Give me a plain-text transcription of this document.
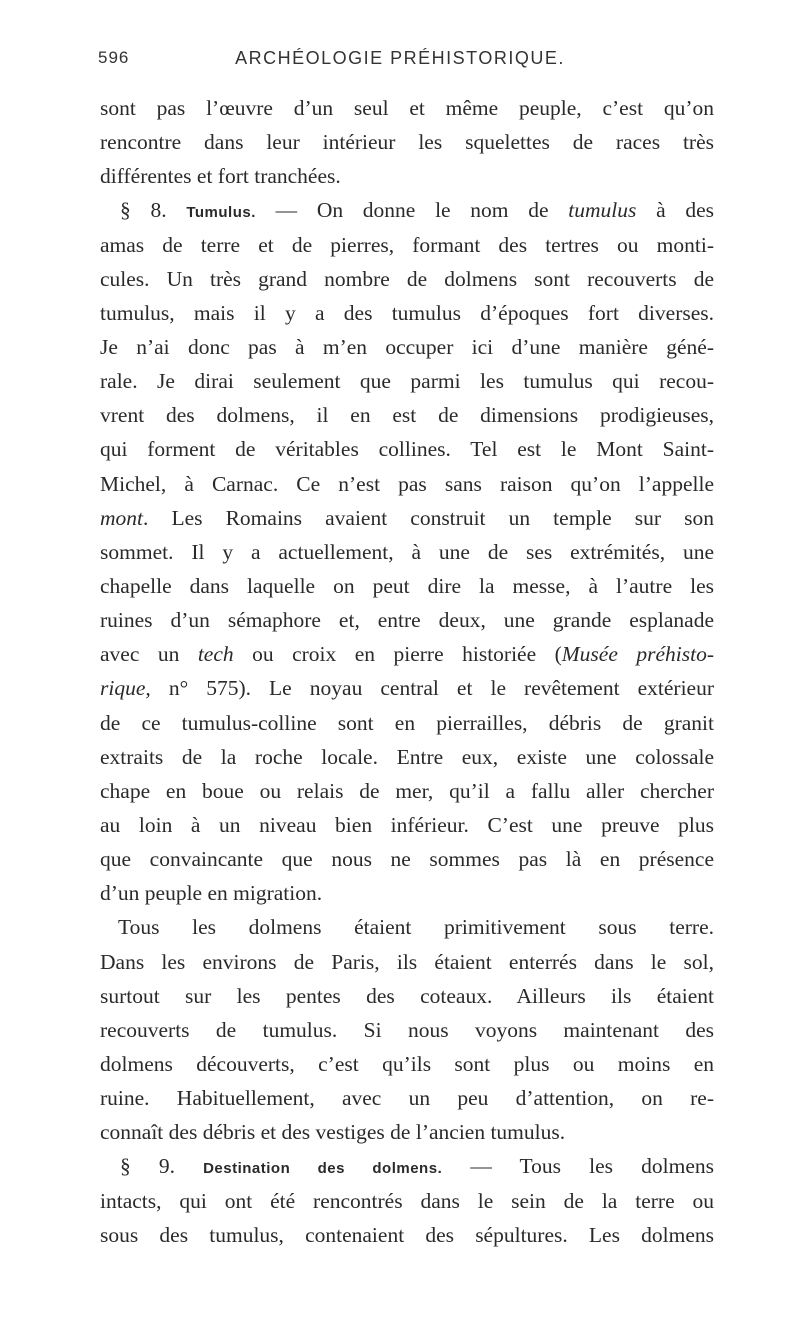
596	ARCHÉOLOGIE PRÉHISTORIQUE.
sont pas l’œuvre d’un seul et même peuple, c’est qu’on
rencontre dans leur intérieur les squelettes de races très
différentes et fort tranchées.
§ 8. Tumulus. — On donne le nom de tumulus à des
amas de terre et de pierres, formant des tertres ou monti-
cules. Un très grand nombre de dolmens sont recouverts de
tumulus, mais il y a des tumulus d’époques fort diverses.
Je n’ai donc pas à m’en occuper ici d’une manière géné-
rale. Je dirai seulement que parmi les tumulus qui recou-
vrent des dolmens, il en est de dimensions prodigieuses,
qui forment de véritables collines. Tel est le Mont Saint-
Michel, à Carnac. Ce n’est pas sans raison qu’on l’appelle
mont. Les Romains avaient construit un temple sur son
sommet. Il y a actuellement, à une de ses extrémités, une
chapelle dans laquelle on peut dire la messe, à l’autre les
ruines d’un sémaphore et, entre deux, une grande esplanade
avec un tech ou croix en pierre historiée (Musée préhisto-
rique, n° 575). Le noyau central et le revêtement extérieur
de ce tumulus-colline sont en pierrailles, débris de granit
extraits de la roche locale. Entre eux, existe une colossale
chape en boue ou relais de mer, qu’il a fallu aller chercher
au loin à un niveau bien inférieur. C’est une preuve plus
que convaincante que nous ne sommes pas là en présence
d’un peuple en migration.
Tous les dolmens étaient primitivement sous terre.
Dans les environs de Paris, ils étaient enterrés dans le sol,
surtout sur les pentes des coteaux. Ailleurs ils étaient
recouverts de tumulus. Si nous voyons maintenant des
dolmens découverts, c’est qu’ils sont plus ou moins en
ruine. Habituellement, avec un peu d’attention, on re-
connaît des débris et des vestiges de l’ancien tumulus.
§ 9. Destination des dolmens. — Tous les dolmens
intacts, qui ont été rencontrés dans le sein de la terre ou
sous des tumulus, contenaient des sépultures. Les dolmens
